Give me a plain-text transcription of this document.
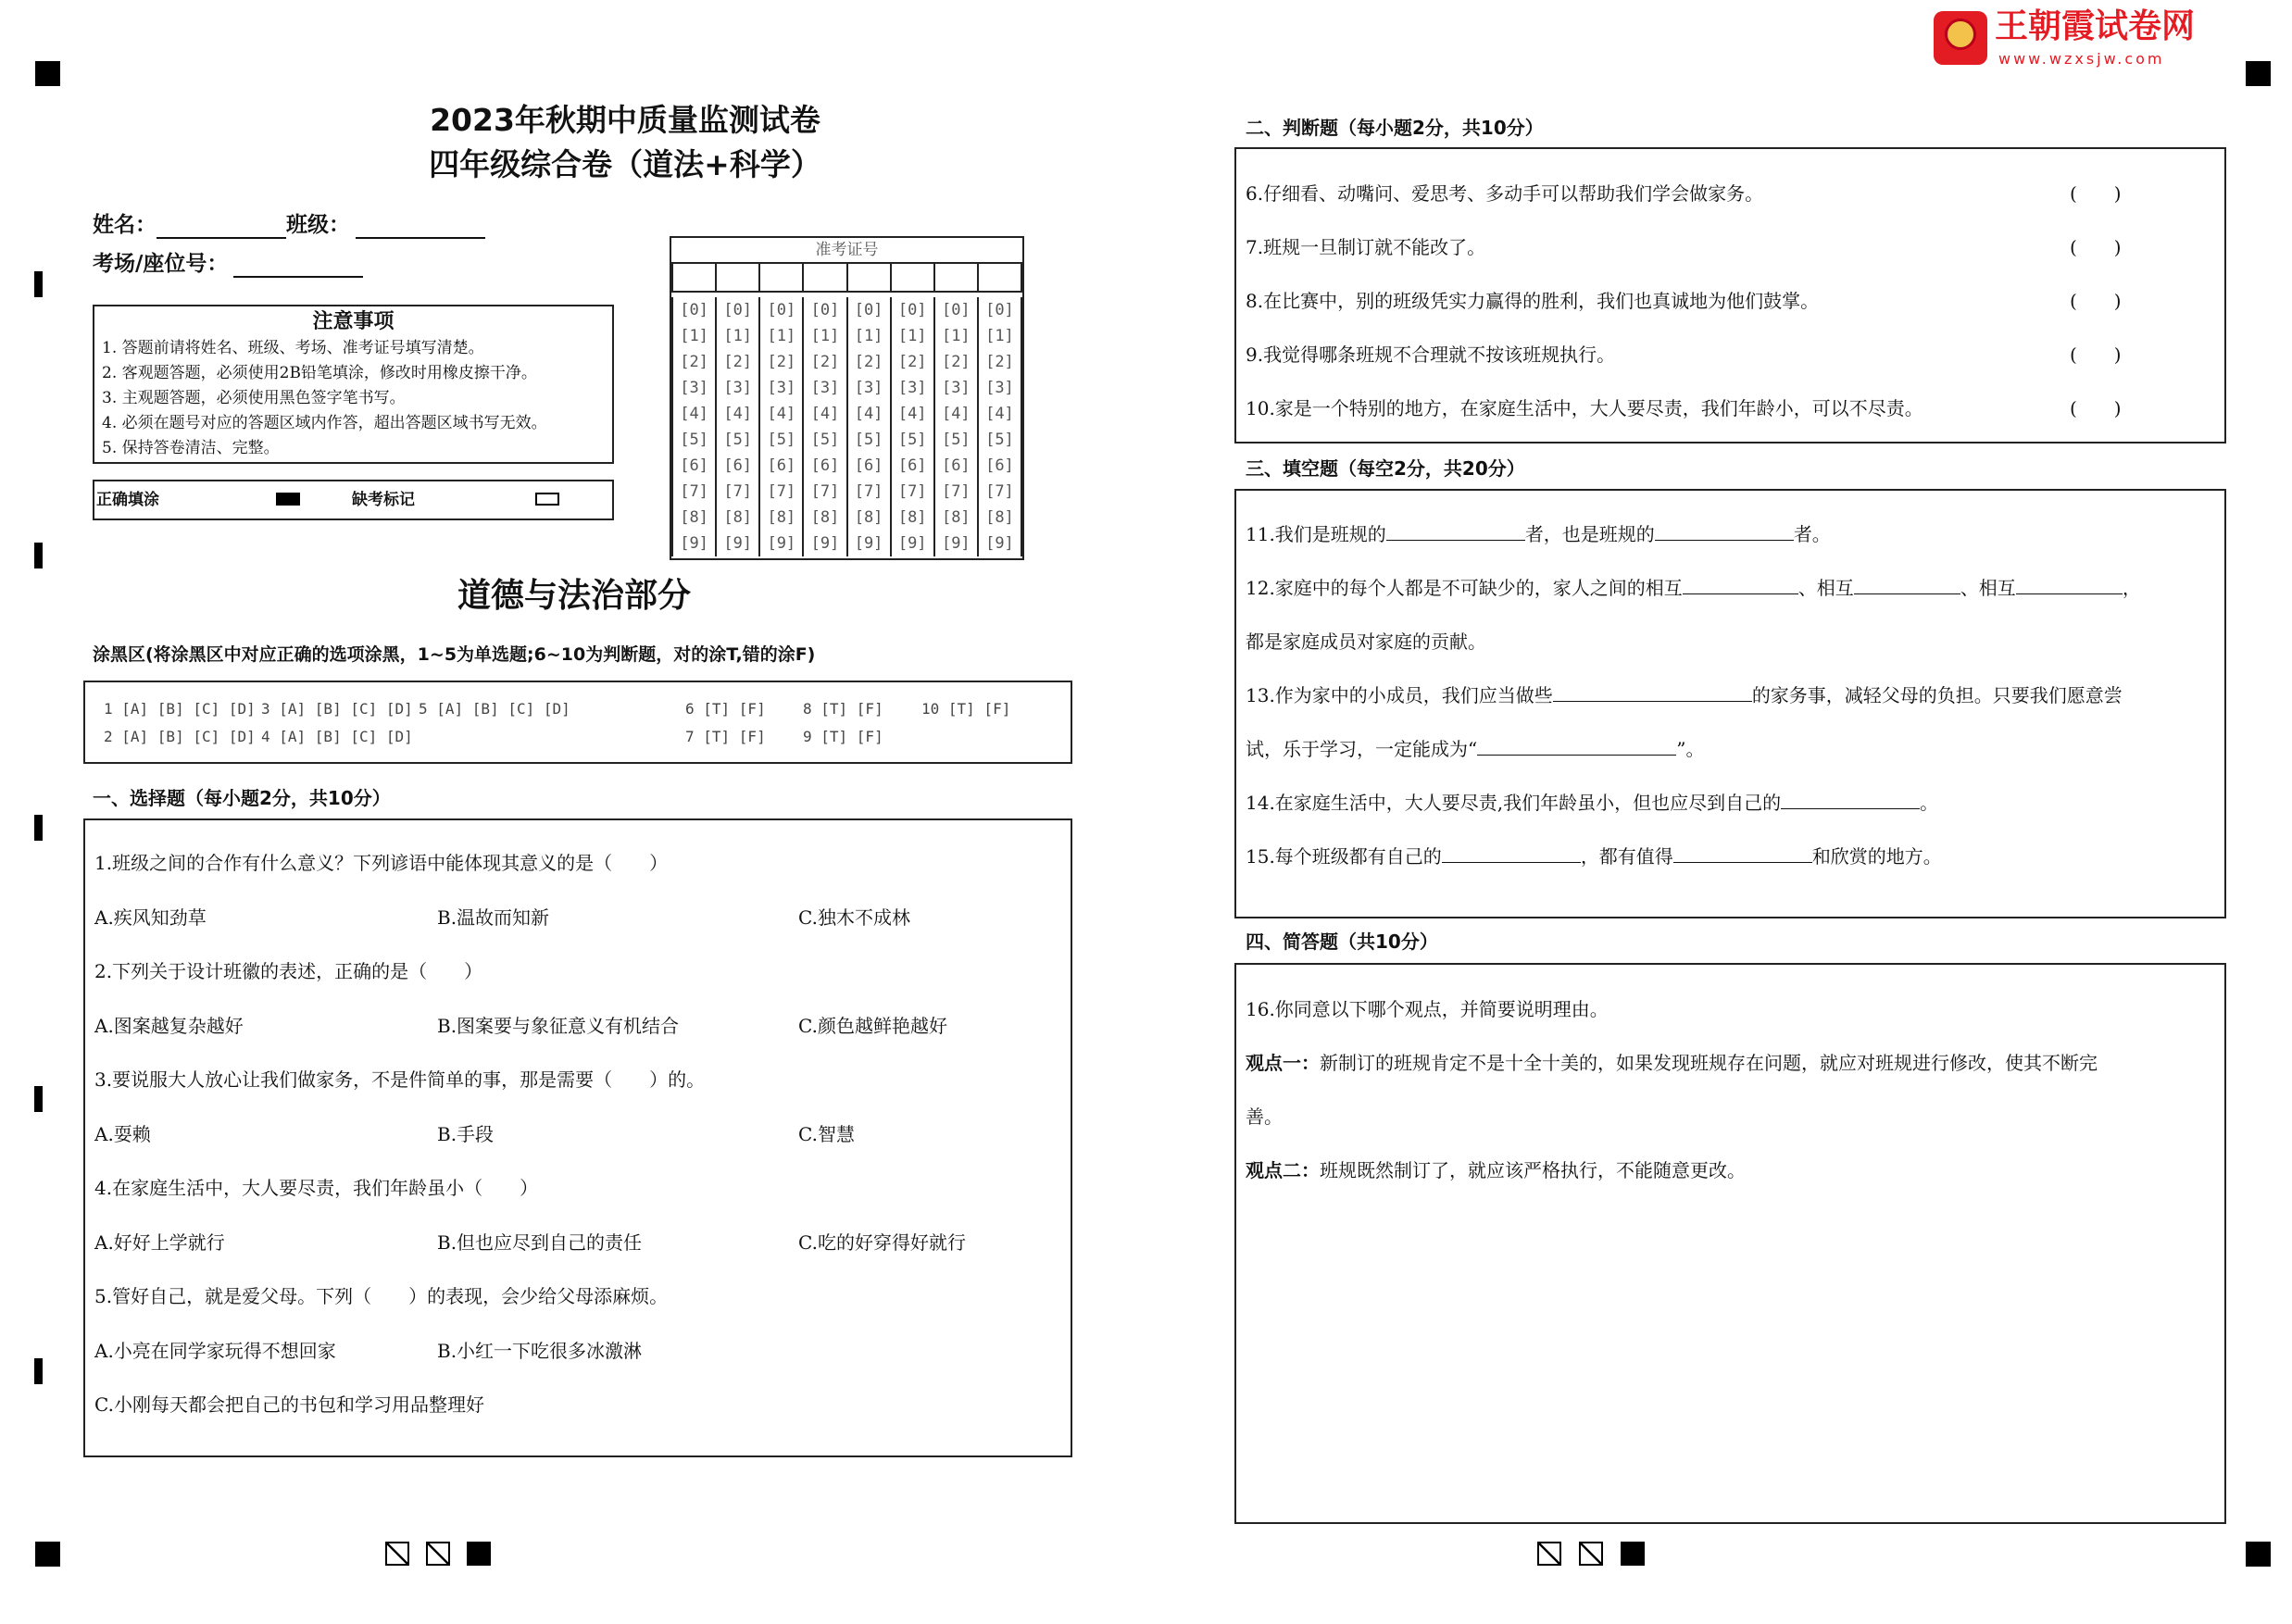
王朝霞试卷网
www.wzxsjw.com
2023年秋期中质量监测试卷
四年级综合卷（道法+科学）
姓名：	班级：
考场/座位号：
注意事项
1. 答题前请将姓名、班级、考场、准考证号填写清楚。
2. 客观题答题，必须使用2B铅笔填涂，修改时用橡皮擦干净。
3. 主观题答题，必须使用黑色签字笔书写。
4. 必须在题号对应的答题区域内作答，超出答题区域书写无效。
5. 保持答卷清洁、完整。
正确填涂	缺考标记
准考证号

[0]	[0]	[0]	[0]	[0]	[0]	[0]	[0]
[1]	[1]	[1]	[1]	[1]	[1]	[1]	[1]
[2]	[2]	[2]	[2]	[2]	[2]	[2]	[2]
[3]	[3]	[3]	[3]	[3]	[3]	[3]	[3]
[4]	[4]	[4]	[4]	[4]	[4]	[4]	[4]
[5]	[5]	[5]	[5]	[5]	[5]	[5]	[5]
[6]	[6]	[6]	[6]	[6]	[6]	[6]	[6]
[7]	[7]	[7]	[7]	[7]	[7]	[7]	[7]
[8]	[8]	[8]	[8]	[8]	[8]	[8]	[8]
[9]	[9]	[9]	[9]	[9]	[9]	[9]	[9]
道德与法治部分
涂黑区(将涂黑区中对应正确的选项涂黑，1~5为单选题;6~10为判断题，对的涂T,错的涂F)
1 [A] [B] [C] [D]
2 [A] [B] [C] [D]
3 [A] [B] [C] [D]
4 [A] [B] [C] [D]
5 [A] [B] [C] [D]	6 [T] [F]
7 [T] [F]
8 [T] [F]
9 [T] [F]
10 [T] [F]
一、选择题（每小题2分，共10分）
1.班级之间的合作有什么意义？下列谚语中能体现其意义的是（　　）
A.疾风知劲草	B.温故而知新	C.独木不成林
2.下列关于设计班徽的表述，正确的是（　　）
A.图案越复杂越好	B.图案要与象征意义有机结合	C.颜色越鲜艳越好
3.要说服大人放心让我们做家务，不是件简单的事，那是需要（　　）的。
A.耍赖	B.手段	C.智慧
4.在家庭生活中，大人要尽责，我们年龄虽小（　　）
A.好好上学就行	B.但也应尽到自己的责任	C.吃的好穿得好就行
5.管好自己，就是爱父母。下列（　　）的表现，会少给父母添麻烦。
A.小亮在同学家玩得不想回家	B.小红一下吃很多冰激淋
C.小刚每天都会把自己的书包和学习用品整理好
二、判断题（每小题2分，共10分）
6.仔细看、动嘴问、爱思考、多动手可以帮助我们学会做家务。	(　　)
7.班规一旦制订就不能改了。	(　　)
8.在比赛中，别的班级凭实力赢得的胜利，我们也真诚地为他们鼓掌。	(　　)
9.我觉得哪条班规不合理就不按该班规执行。	(　　)
10.家是一个特别的地方，在家庭生活中，大人要尽责，我们年龄小，可以不尽责。	(　　)
三、填空题（每空2分，共20分）
11.我们是班规的	者，也是班规的	者。
12.家庭中的每个人都是不可缺少的，家人之间的相互	、相互	、相互	，
都是家庭成员对家庭的贡献。
13.作为家中的小成员，我们应当做些	的家务事，减轻父母的负担。只要我们愿意尝
试，乐于学习，一定能成为“	”。
14.在家庭生活中，大人要尽责,我们年龄虽小，但也应尽到自己的	。
15.每个班级都有自己的	，都有值得	和欣赏的地方。
四、简答题（共10分）
16.你同意以下哪个观点，并简要说明理由。
观点一：新制订的班规肯定不是十全十美的，如果发现班规存在问题，就应对班规进行修改，使其不断完
善。
观点二：班规既然制订了，就应该严格执行，不能随意更改。
